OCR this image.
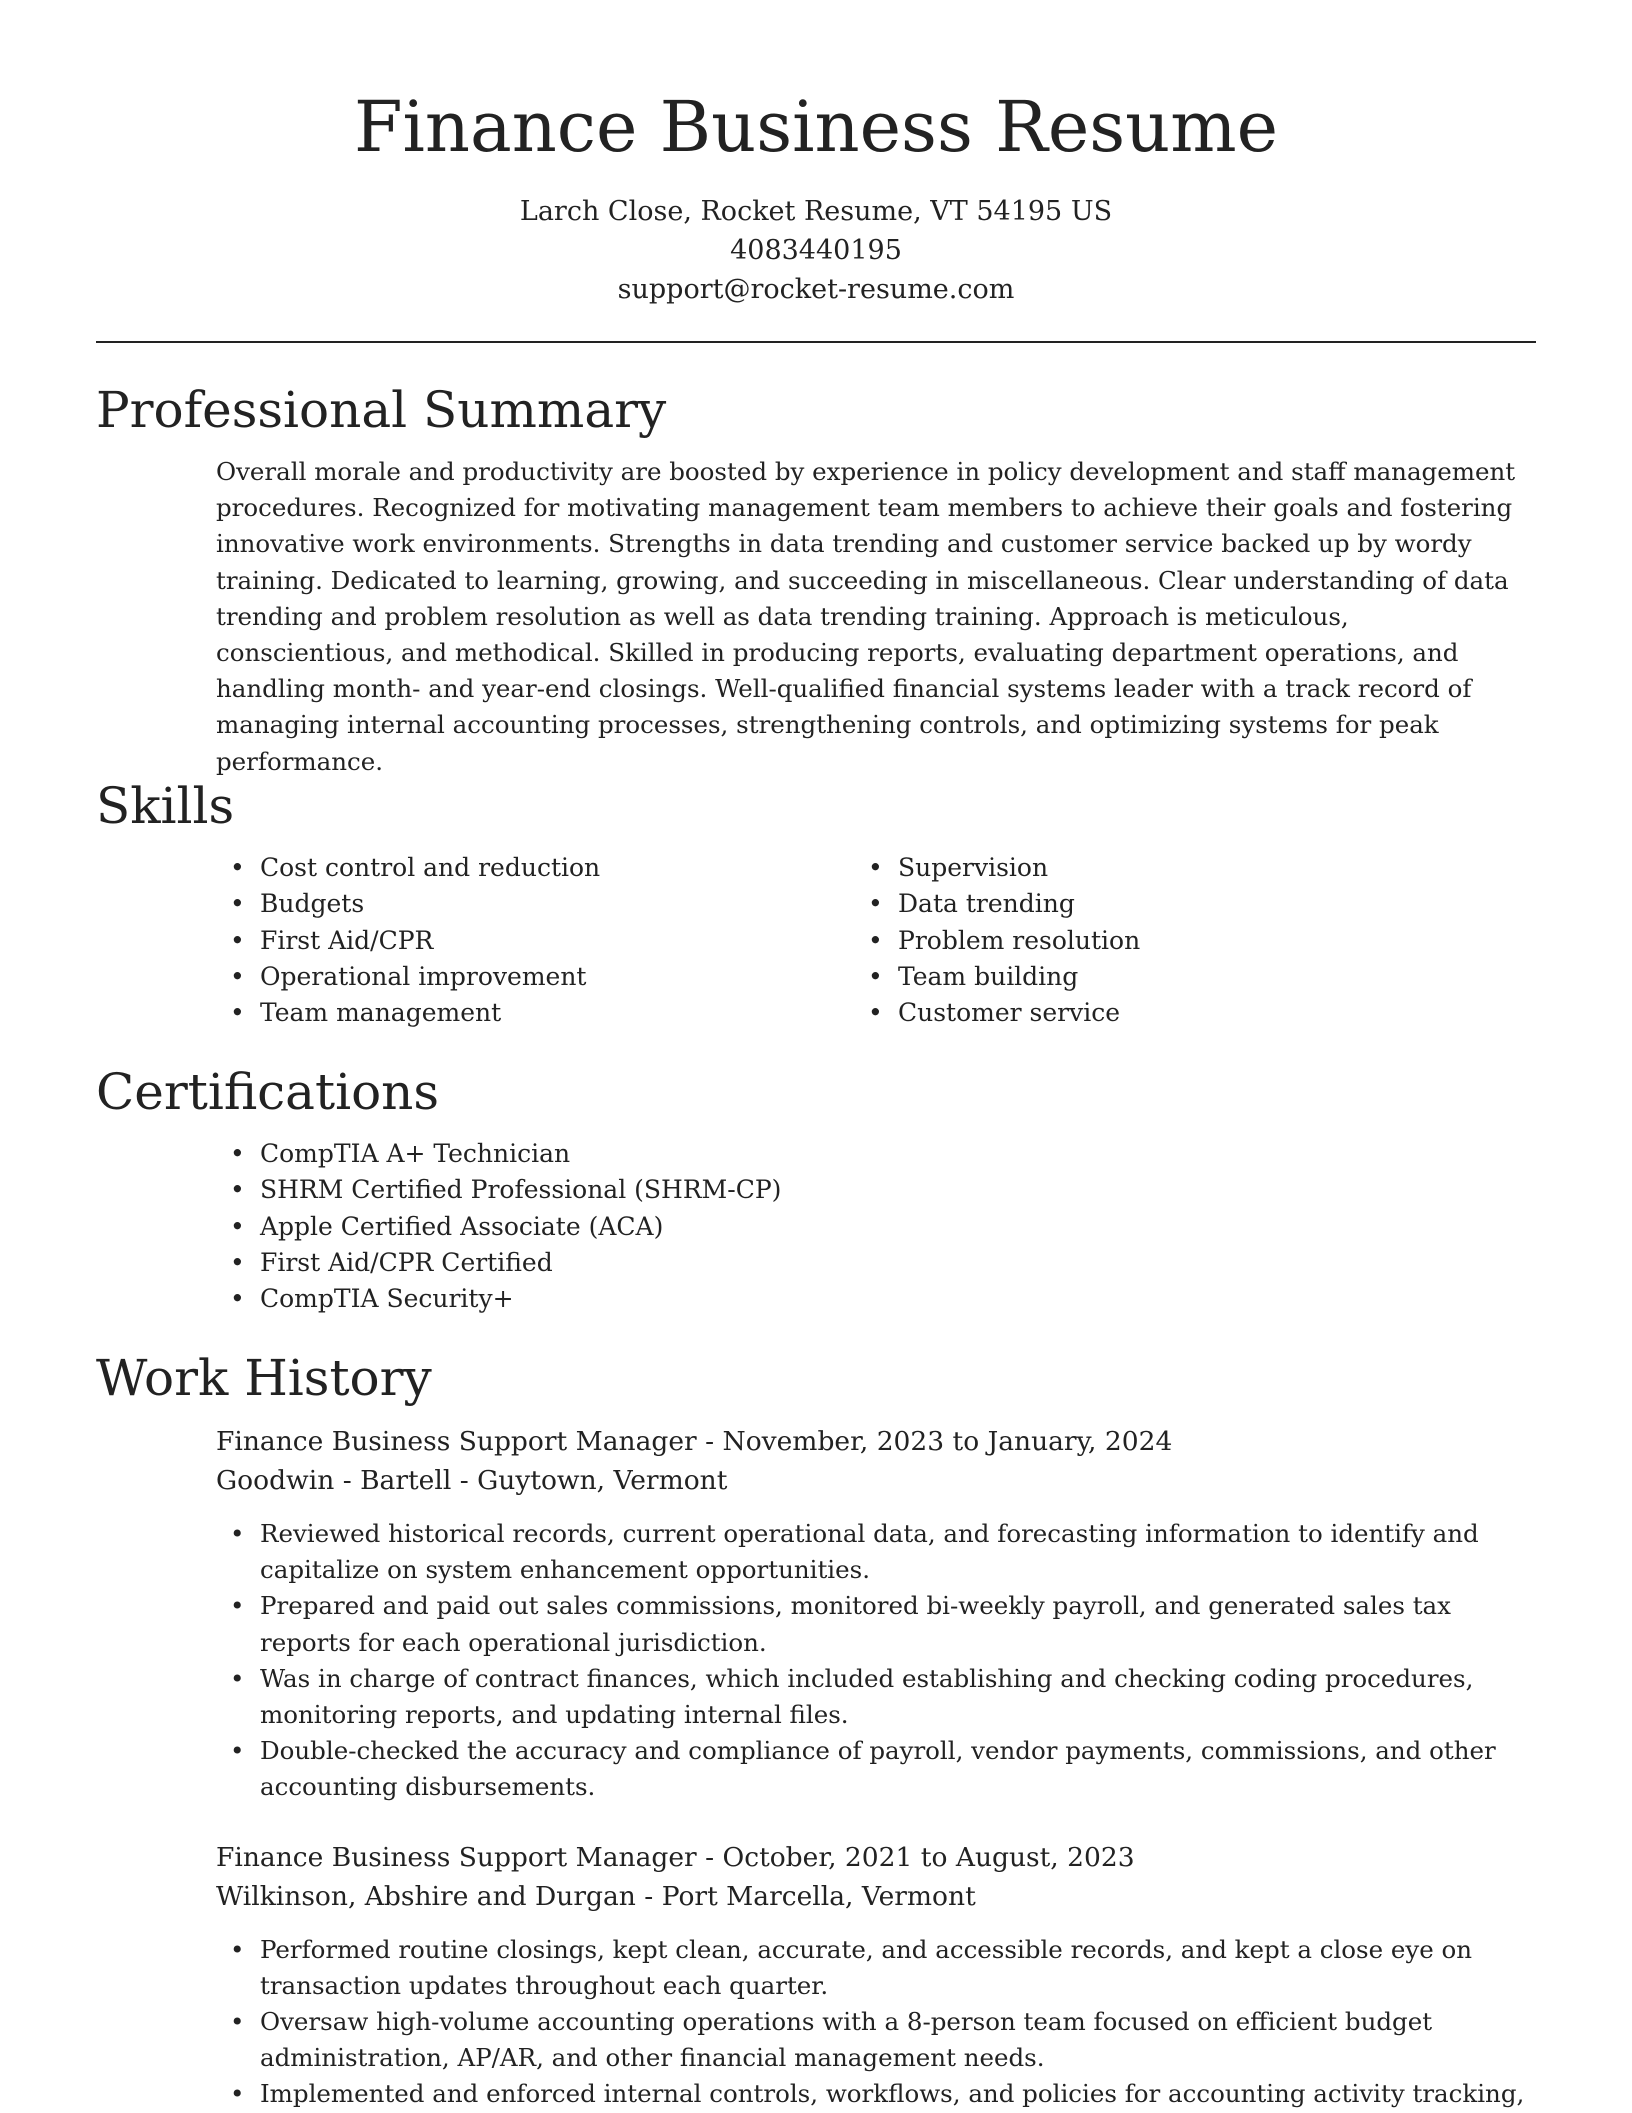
Finance Business Resume
Larch Close, Rocket Resume, VT 54195 US
4083440195
support@rocket-resume.com
Professional Summary

Overall morale and productivity are boosted by experience in policy development and staff management procedures. Recognized for motivating management team members to achieve their goals and fostering innovative work environments. Strengths in data trending and customer service backed up by wordy training. Dedicated to learning, growing, and succeeding in miscellaneous. Clear understanding of data trending and problem resolution as well as data trending training. Approach is meticulous, conscientious, and methodical. Skilled in producing reports, evaluating department operations, and handling month- and year-end closings. Well-qualified financial systems leader with a track record of managing internal accounting processes, strengthening controls, and optimizing systems for peak performance.

Skills
• Cost control and reduction
• Budgets
• First Aid/CPR
• Operational improvement
• Team management
• Supervision
• Data trending
• Problem resolution
• Team building
• Customer service
Certifications
• CompTIA A+ Technician
• SHRM Certified Professional (SHRM-CP)
• Apple Certified Associate (ACA)
• First Aid/CPR Certified
• CompTIA Security+
Work History
Finance Business Support Manager - November, 2023 to January, 2024
Goodwin - Bartell - Guytown, Vermont
• Reviewed historical records, current operational data, and forecasting information to identify and capitalize on system enhancement opportunities.
• Prepared and paid out sales commissions, monitored bi-weekly payroll, and generated sales tax reports for each operational jurisdiction.
• Was in charge of contract finances, which included establishing and checking coding procedures, monitoring reports, and updating internal files.
• Double-checked the accuracy and compliance of payroll, vendor payments, commissions, and other accounting disbursements.
Finance Business Support Manager - October, 2021 to August, 2023
Wilkinson, Abshire and Durgan - Port Marcella, Vermont
• Performed routine closings, kept clean, accurate, and accessible records, and kept a close eye on transaction updates throughout each quarter.
• Oversaw high-volume accounting operations with a 8-person team focused on efficient budget administration, AP/AR, and other financial management needs.
• Implemented and enforced internal controls, workflows, and policies for accounting activity tracking,
